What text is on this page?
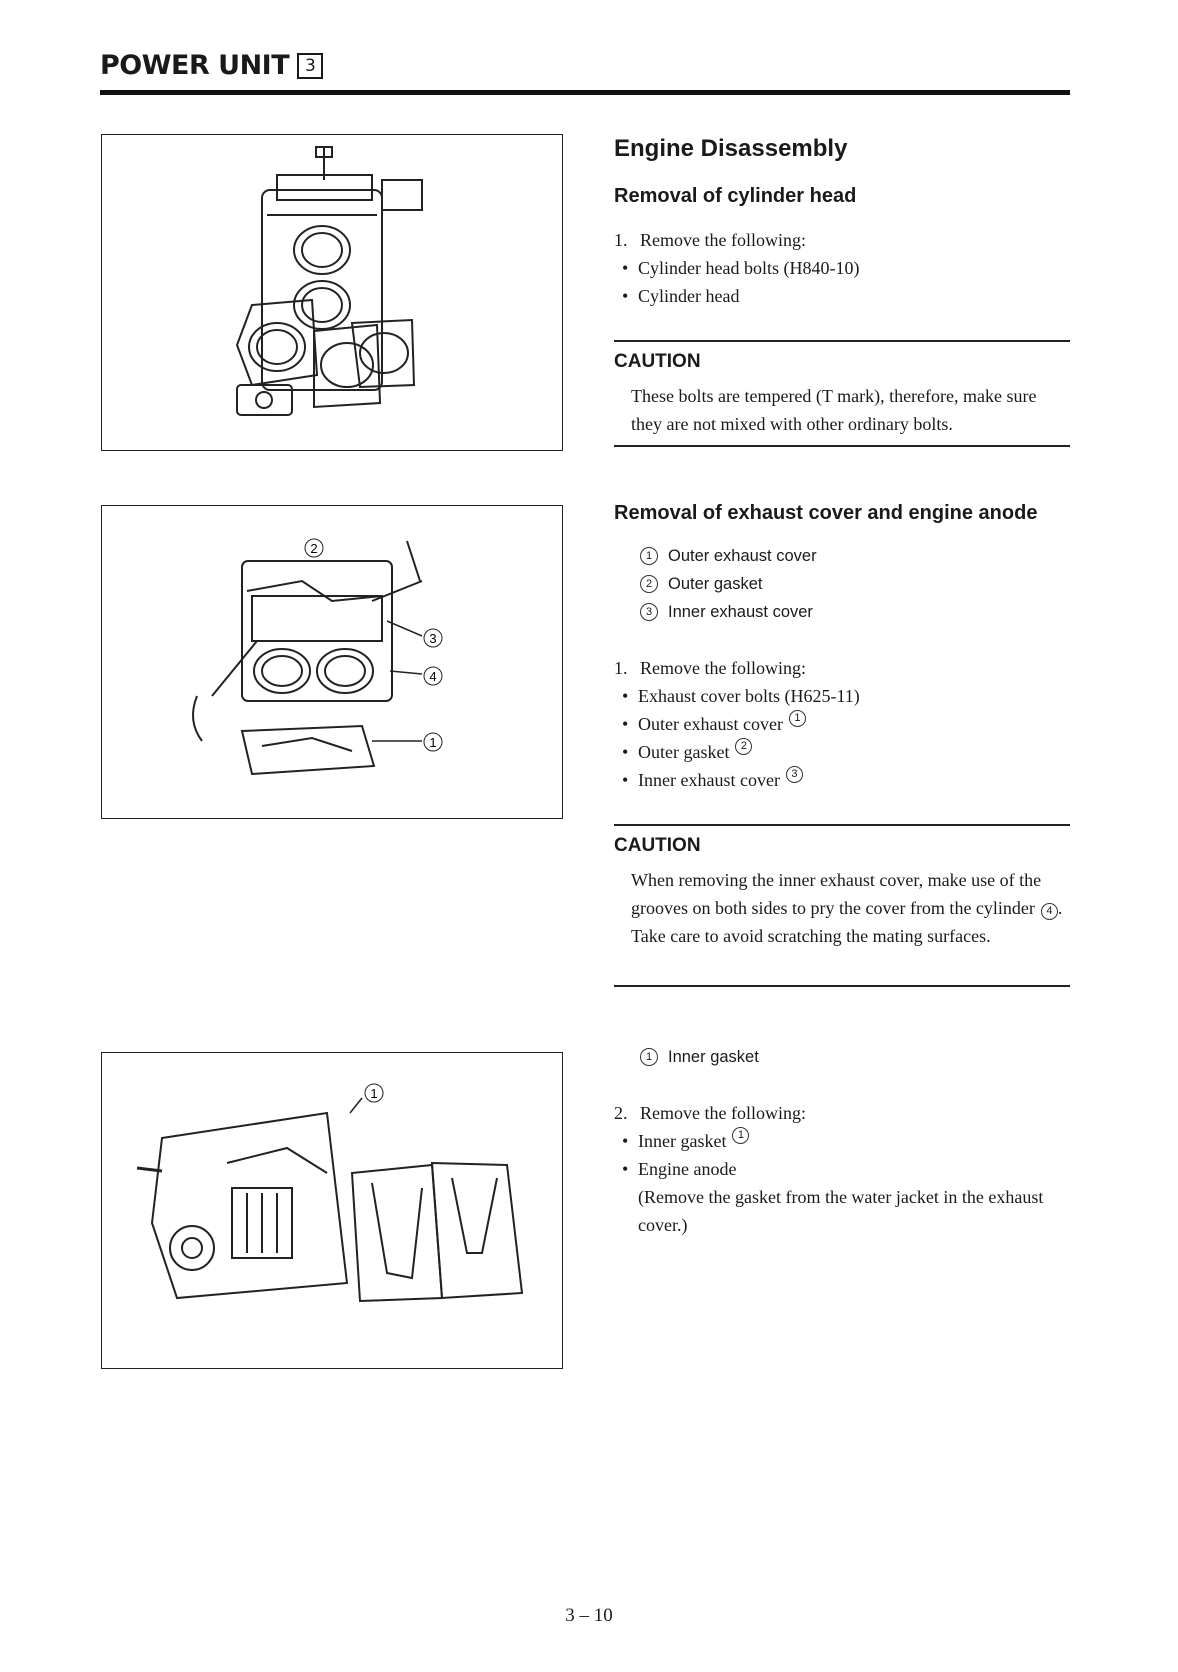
POWER UNIT 3
2
3
4
1
1
Engine Disassembly
Removal of cylinder head
1. Remove the following:
• Cylinder head bolts (H840-10)
• Cylinder head
CAUTION
These bolts are tempered (T mark), therefore, make sure they are not mixed with other ordinary bolts.
Removal of exhaust cover and engine anode
1 Outer exhaust cover
2 Outer gasket
3 Inner exhaust cover
1. Remove the following:
• Exhaust cover bolts (H625-11)
• Outer exhaust cover	1
• Outer gasket	2
• Inner exhaust cover	3
CAUTION
When removing the inner exhaust cover, make use of the grooves on both sides to pry the cover from the cylinder 4 . Take care to avoid scratching the mating surfaces.
1 Inner gasket
2. Remove the following:
• Inner gasket	1
• Engine anode
(Remove the gasket from the water jacket in the exhaust cover.)
3 – 10
